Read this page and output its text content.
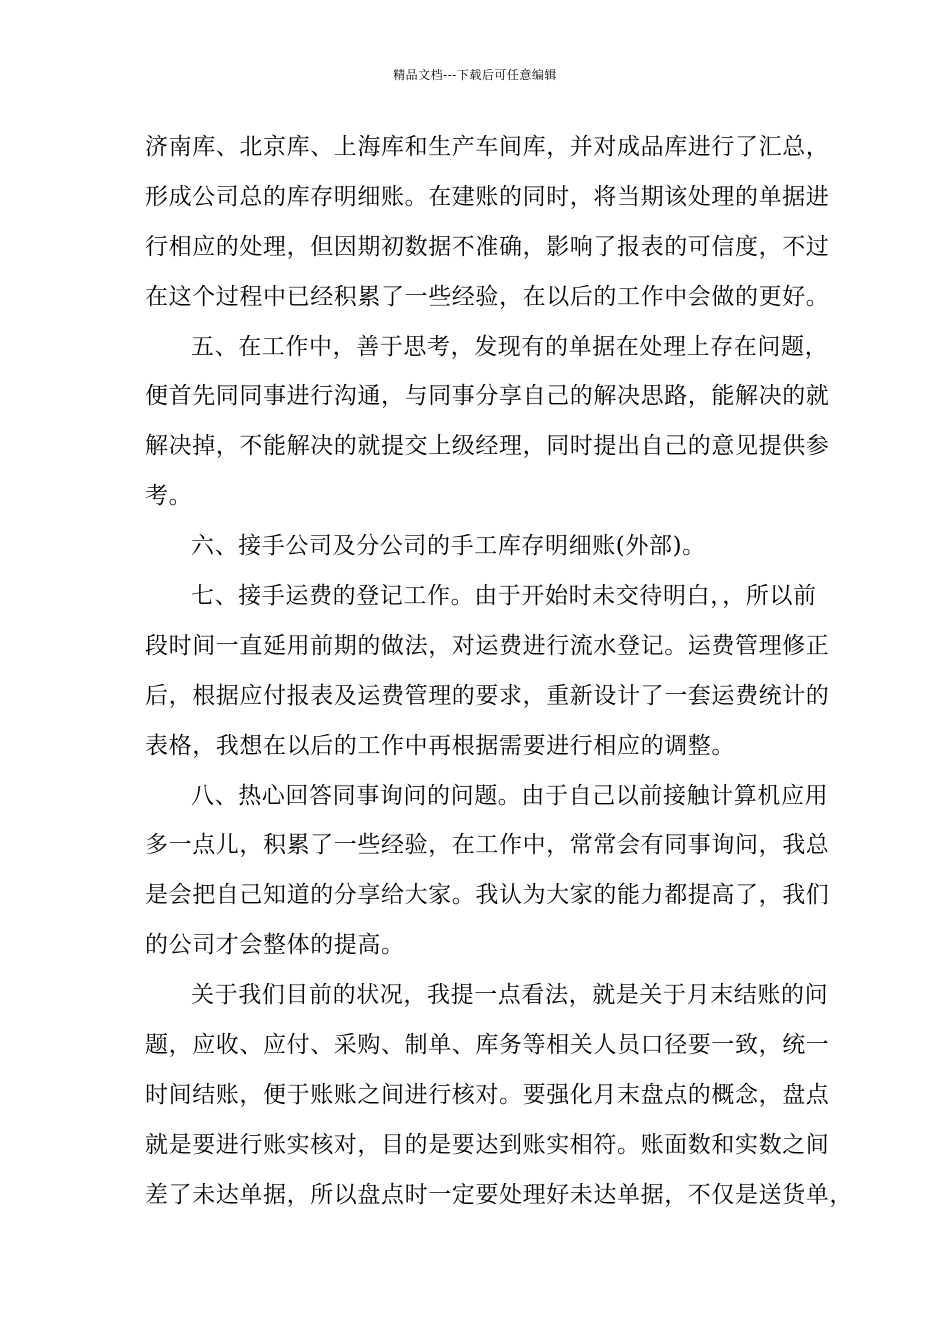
精品文档---下载后可任意编辑
济南库、北京库、上海库和生产车间库，并对成品库进行了汇总，
形成公司总的库存明细账。在建账的同时，将当期该处理的单据进
行相应的处理，但因期初数据不准确，影响了报表的可信度，不过
在这个过程中已经积累了一些经验，在以后的工作中会做的更好。
五、在工作中，善于思考，发现有的单据在处理上存在问题，
便首先同同事进行沟通，与同事分享自己的解决思路，能解决的就
解决掉，不能解决的就提交上级经理，同时提出自己的意见提供参
考。
六、接手公司及分公司的手工库存明细账(外部)。
七、接手运费的登记工作。由于开始时未交待明白，，所以前
段时间一直延用前期的做法，对运费进行流水登记。运费管理修正
后，根据应付报表及运费管理的要求，重新设计了一套运费统计的
表格，我想在以后的工作中再根据需要进行相应的调整。
八、热心回答同事询问的问题。由于自己以前接触计算机应用
多一点儿，积累了一些经验，在工作中，常常会有同事询问，我总
是会把自己知道的分享给大家。我认为大家的能力都提高了，我们
的公司才会整体的提高。
关于我们目前的状况，我提一点看法，就是关于月末结账的问
题，应收、应付、采购、制单、库务等相关人员口径要一致，统一
时间结账，便于账账之间进行核对。要强化月末盘点的概念，盘点
就是要进行账实核对，目的是要达到账实相符。账面数和实数之间
差了未达单据，所以盘点时一定要处理好未达单据，不仅是送货单，
